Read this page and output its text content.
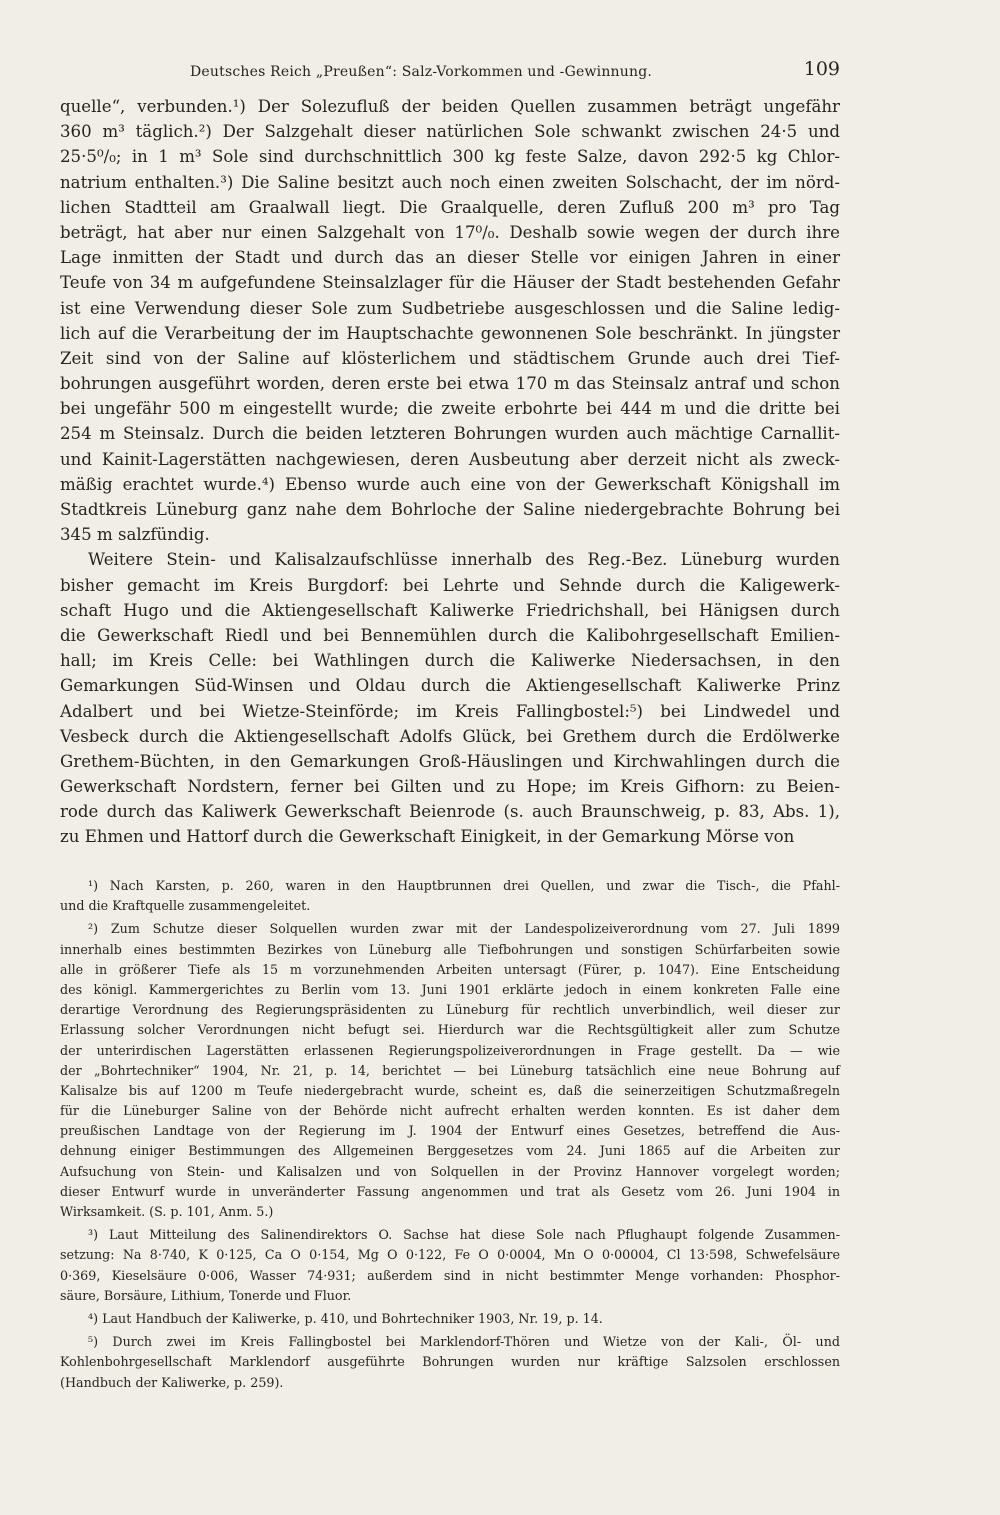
Deutsches Reich „Preußen“: Salz-Vorkommen und -Gewinnung.	109
quelle“, verbunden.¹) Der Solezufluß der beiden Quellen zusammen beträgt ungefähr
360 m³ täglich.²) Der Salzgehalt dieser natürlichen Sole schwankt zwischen 24·5 und
25·5⁰/₀; in 1 m³ Sole sind durchschnittlich 300 kg feste Salze, davon 292·5 kg Chlor-
natrium enthalten.³) Die Saline besitzt auch noch einen zweiten Solschacht, der im nörd-
lichen Stadtteil am Graalwall liegt. Die Graalquelle, deren Zufluß 200 m³ pro Tag
beträgt, hat aber nur einen Salzgehalt von 17⁰/₀. Deshalb sowie wegen der durch ihre
Lage inmitten der Stadt und durch das an dieser Stelle vor einigen Jahren in einer
Teufe von 34 m aufgefundene Steinsalzlager für die Häuser der Stadt bestehenden Gefahr
ist eine Verwendung dieser Sole zum Sudbetriebe ausgeschlossen und die Saline ledig-
lich auf die Verarbeitung der im Hauptschachte gewonnenen Sole beschränkt. In jüngster
Zeit sind von der Saline auf klösterlichem und städtischem Grunde auch drei Tief-
bohrungen ausgeführt worden, deren erste bei etwa 170 m das Steinsalz antraf und schon
bei ungefähr 500 m eingestellt wurde; die zweite erbohrte bei 444 m und die dritte bei
254 m Steinsalz. Durch die beiden letzteren Bohrungen wurden auch mächtige Carnallit-
und Kainit-Lagerstätten nachgewiesen, deren Ausbeutung aber derzeit nicht als zweck-
mäßig erachtet wurde.⁴) Ebenso wurde auch eine von der Gewerkschaft Königshall im
Stadtkreis Lüneburg ganz nahe dem Bohrloche der Saline niedergebrachte Bohrung bei
345 m salzfündig.
Weitere Stein- und Kalisalzaufschlüsse innerhalb des Reg.-Bez. Lüneburg wurden
bisher gemacht im Kreis Burgdorf: bei Lehrte und Sehnde durch die Kaligewerk-
schaft Hugo und die Aktiengesellschaft Kaliwerke Friedrichshall, bei Hänigsen durch
die Gewerkschaft Riedl und bei Bennemühlen durch die Kalibohrgesellschaft Emilien-
hall; im Kreis Celle: bei Wathlingen durch die Kaliwerke Niedersachsen, in den
Gemarkungen Süd-Winsen und Oldau durch die Aktiengesellschaft Kaliwerke Prinz
Adalbert und bei Wietze-Steinförde; im Kreis Fallingbostel:⁵) bei Lindwedel und
Vesbeck durch die Aktiengesellschaft Adolfs Glück, bei Grethem durch die Erdölwerke
Grethem-Büchten, in den Gemarkungen Groß-Häuslingen und Kirchwahlingen durch die
Gewerkschaft Nordstern, ferner bei Gilten und zu Hope; im Kreis Gifhorn: zu Beien-
rode durch das Kaliwerk Gewerkschaft Beienrode (s. auch Braunschweig, p. 83, Abs. 1),
zu Ehmen und Hattorf durch die Gewerkschaft Einigkeit, in der Gemarkung Mörse von
¹) Nach Karsten, p. 260, waren in den Hauptbrunnen drei Quellen, und zwar die Tisch-, die Pfahl-
und die Kraftquelle zusammengeleitet.
²) Zum Schutze dieser Solquellen wurden zwar mit der Landespolizeiverordnung vom 27. Juli 1899
innerhalb eines bestimmten Bezirkes von Lüneburg alle Tiefbohrungen und sonstigen Schürfarbeiten sowie
alle in größerer Tiefe als 15 m vorzunehmenden Arbeiten untersagt (Fürer, p. 1047). Eine Entscheidung
des königl. Kammergerichtes zu Berlin vom 13. Juni 1901 erklärte jedoch in einem konkreten Falle eine
derartige Verordnung des Regierungspräsidenten zu Lüneburg für rechtlich unverbindlich, weil dieser zur
Erlassung solcher Verordnungen nicht befugt sei. Hierdurch war die Rechtsgültigkeit aller zum Schutze
der unterirdischen Lagerstätten erlassenen Regierungspolizeiverordnungen in Frage gestellt. Da — wie
der „Bohrtechniker“ 1904, Nr. 21, p. 14, berichtet — bei Lüneburg tatsächlich eine neue Bohrung auf
Kalisalze bis auf 1200 m Teufe niedergebracht wurde, scheint es, daß die seinerzeitigen Schutzmaßregeln
für die Lüneburger Saline von der Behörde nicht aufrecht erhalten werden konnten. Es ist daher dem
preußischen Landtage von der Regierung im J. 1904 der Entwurf eines Gesetzes, betreffend die Aus-
dehnung einiger Bestimmungen des Allgemeinen Berggesetzes vom 24. Juni 1865 auf die Arbeiten zur
Aufsuchung von Stein- und Kalisalzen und von Solquellen in der Provinz Hannover vorgelegt worden;
dieser Entwurf wurde in unveränderter Fassung angenommen und trat als Gesetz vom 26. Juni 1904 in
Wirksamkeit. (S. p. 101, Anm. 5.)
³) Laut Mitteilung des Salinendirektors O. Sachse hat diese Sole nach Pflughaupt folgende Zusammen-
setzung: Na 8·740, K 0·125, Ca O 0·154, Mg O 0·122, Fe O 0·0004, Mn O 0·00004, Cl 13·598, Schwefelsäure
0·369, Kieselsäure 0·006, Wasser 74·931; außerdem sind in nicht bestimmter Menge vorhanden: Phosphor-
säure, Borsäure, Lithium, Tonerde und Fluor.
⁴) Laut Handbuch der Kaliwerke, p. 410, und Bohrtechniker 1903, Nr. 19, p. 14.
⁵) Durch zwei im Kreis Fallingbostel bei Marklendorf-Thören und Wietze von der Kali-, Öl- und
Kohlenbohrgesellschaft Marklendorf ausgeführte Bohrungen wurden nur kräftige Salzsolen erschlossen
(Handbuch der Kaliwerke, p. 259).
